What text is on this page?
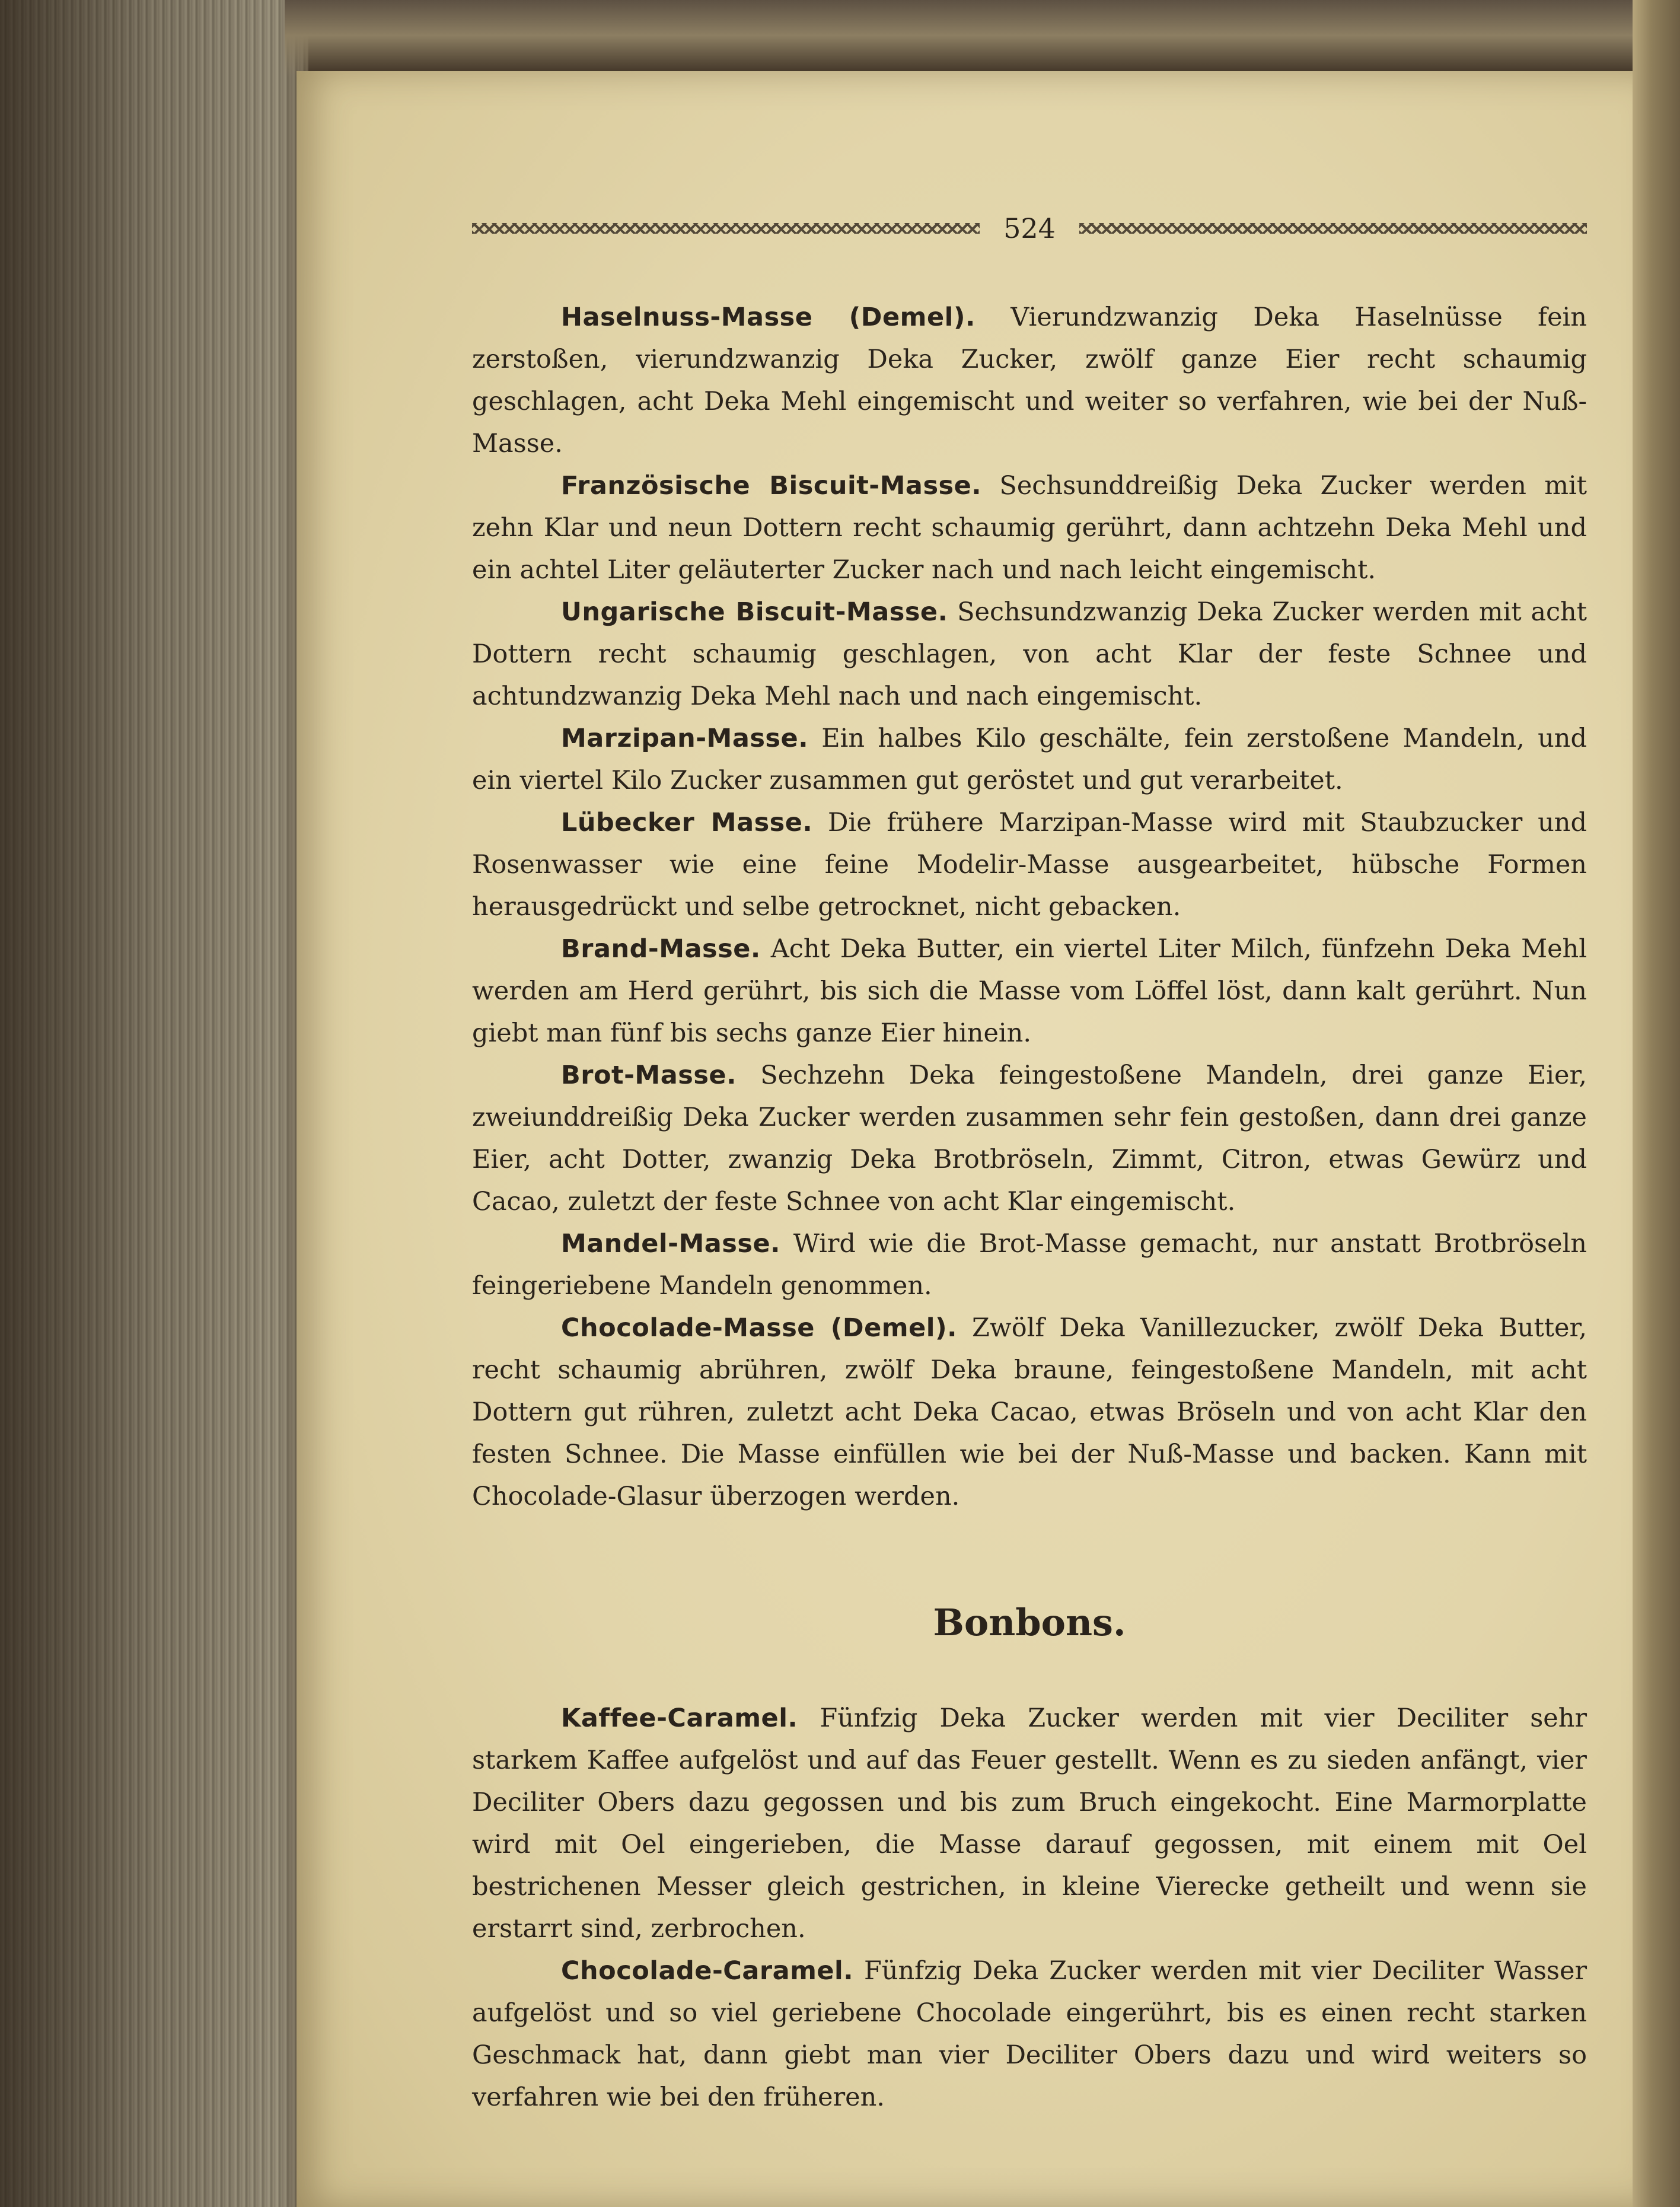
524

Haselnuss-Masse (Demel). Vierundzwanzig Deka Haselnüsse fein zerstoßen, vierundzwanzig Deka Zucker, zwölf ganze Eier recht schaumig geschlagen, acht Deka Mehl eingemischt und weiter so verfahren, wie bei der Nuß-Masse.

Französische Biscuit-Masse. Sechsunddreißig Deka Zucker werden mit zehn Klar und neun Dottern recht schaumig gerührt, dann achtzehn Deka Mehl und ein achtel Liter geläuterter Zucker nach und nach leicht eingemischt.

Ungarische Biscuit-Masse. Sechsundzwanzig Deka Zucker werden mit acht Dottern recht schaumig geschlagen, von acht Klar der feste Schnee und achtundzwanzig Deka Mehl nach und nach eingemischt.

Marzipan-Masse. Ein halbes Kilo geschälte, fein zerstoßene Mandeln, und ein viertel Kilo Zucker zusammen gut geröstet und gut verarbeitet.

Lübecker Masse. Die frühere Marzipan-Masse wird mit Staubzucker und Rosenwasser wie eine feine Modelir-Masse ausgearbeitet, hübsche Formen herausgedrückt und selbe getrocknet, nicht gebacken.

Brand-Masse. Acht Deka Butter, ein viertel Liter Milch, fünfzehn Deka Mehl werden am Herd gerührt, bis sich die Masse vom Löffel löst, dann kalt gerührt. Nun giebt man fünf bis sechs ganze Eier hinein.

Brot-Masse. Sechzehn Deka feingestoßene Mandeln, drei ganze Eier, zweiunddreißig Deka Zucker werden zusammen sehr fein gestoßen, dann drei ganze Eier, acht Dotter, zwanzig Deka Brotbröseln, Zimmt, Citron, etwas Gewürz und Cacao, zuletzt der feste Schnee von acht Klar eingemischt.

Mandel-Masse. Wird wie die Brot-Masse gemacht, nur anstatt Brotbröseln feingeriebene Mandeln genommen.

Chocolade-Masse (Demel). Zwölf Deka Vanillezucker, zwölf Deka Butter, recht schaumig abrühren, zwölf Deka braune, feingestoßene Mandeln, mit acht Dottern gut rühren, zuletzt acht Deka Cacao, etwas Bröseln und von acht Klar den festen Schnee. Die Masse einfüllen wie bei der Nuß-Masse und backen. Kann mit Chocolade-Glasur überzogen werden.

Bonbons.

Kaffee-Caramel. Fünfzig Deka Zucker werden mit vier Deciliter sehr starkem Kaffee aufgelöst und auf das Feuer gestellt. Wenn es zu sieden anfängt, vier Deciliter Obers dazu gegossen und bis zum Bruch eingekocht. Eine Marmorplatte wird mit Oel eingerieben, die Masse darauf gegossen, mit einem mit Oel bestrichenen Messer gleich gestrichen, in kleine Vierecke getheilt und wenn sie erstarrt sind, zerbrochen.

Chocolade-Caramel. Fünfzig Deka Zucker werden mit vier Deciliter Wasser aufgelöst und so viel geriebene Chocolade eingerührt, bis es einen recht starken Geschmack hat, dann giebt man vier Deciliter Obers dazu und wird weiters so verfahren wie bei den früheren.
